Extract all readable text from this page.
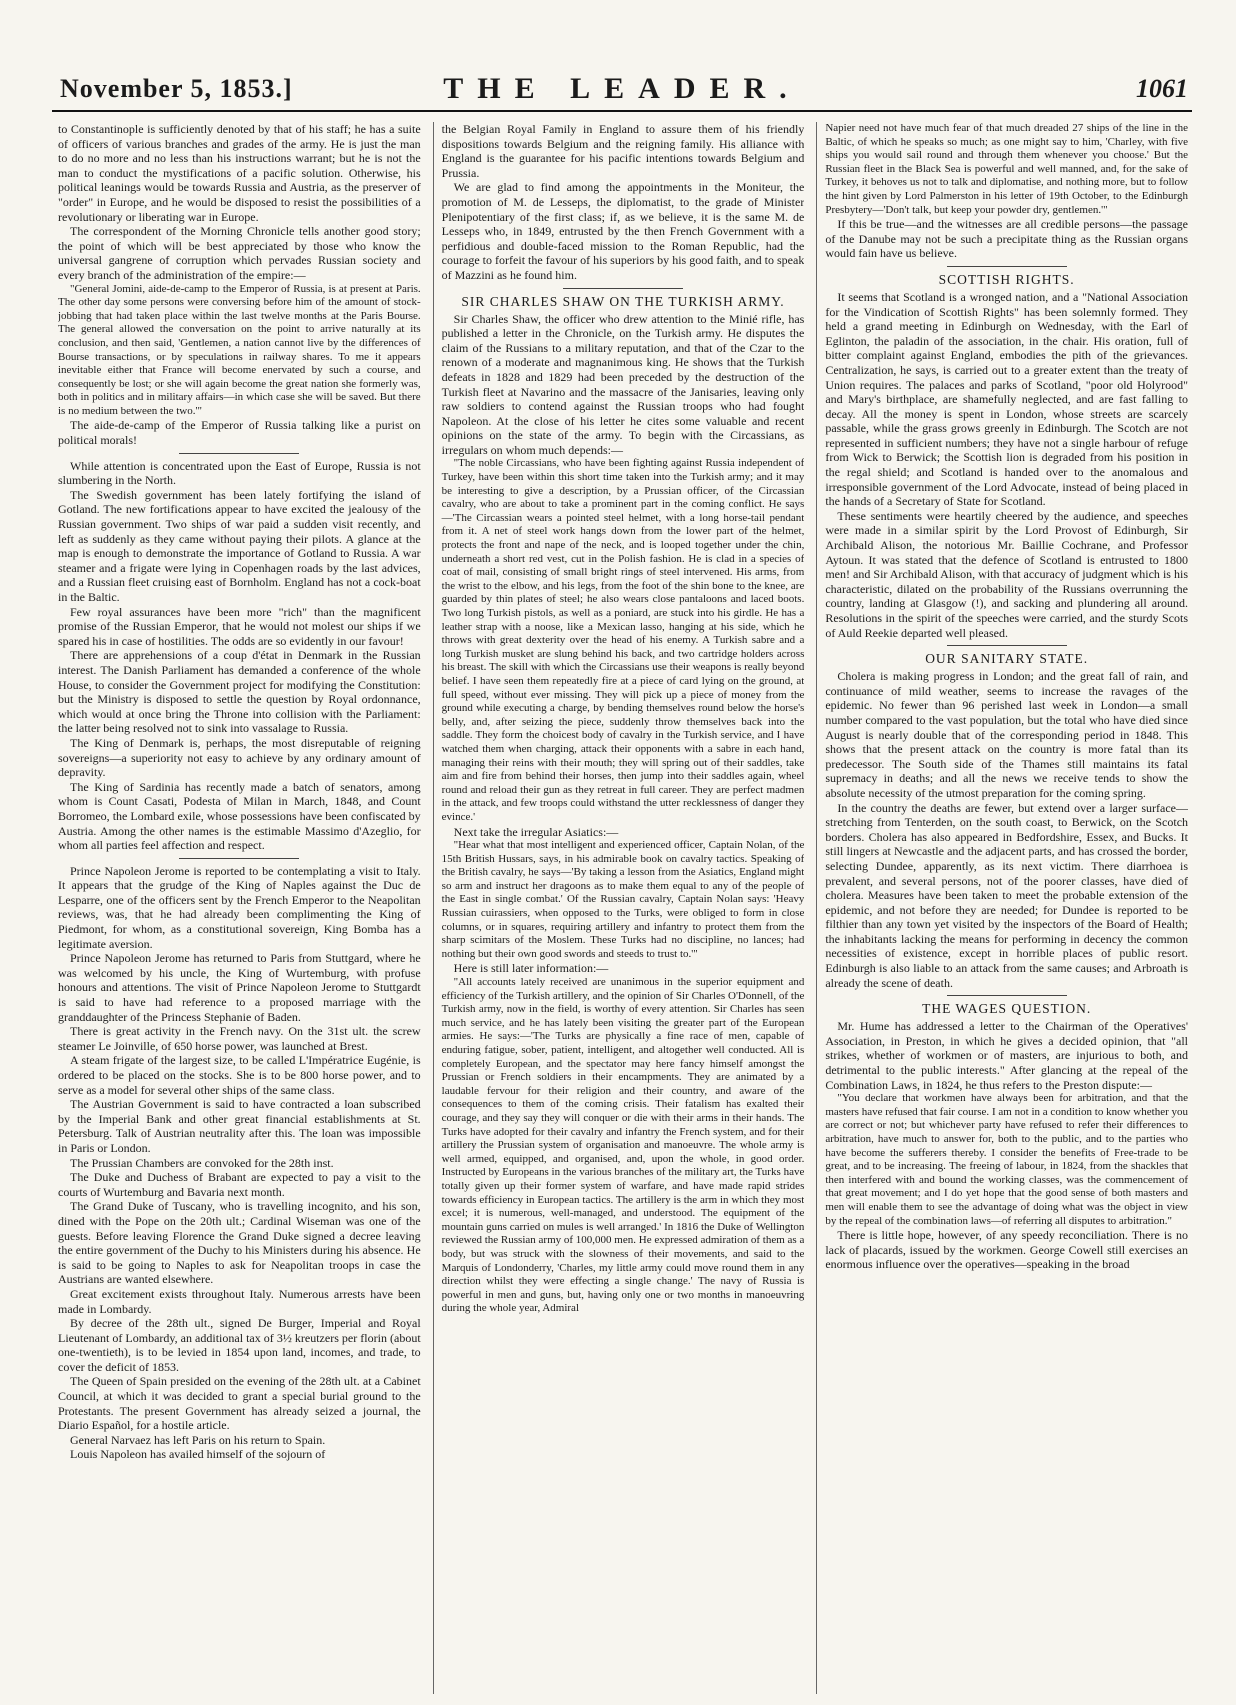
November 5, 1853.]	THE LEADER.	1061

to Constantinople is sufficiently denoted by that of his staff; he has a suite of officers of various branches and grades of the army. He is just the man to do no more and no less than his instructions warrant; but he is not the man to conduct the mystifications of a pacific solution. Otherwise, his political leanings would be towards Russia and Austria, as the preserver of "order" in Europe, and he would be disposed to resist the possibilities of a revolutionary or liberating war in Europe.

The correspondent of the Morning Chronicle tells another good story; the point of which will be best appreciated by those who know the universal gangrene of corruption which pervades Russian society and every branch of the administration of the empire:—

"General Jomini, aide-de-camp to the Emperor of Russia, is at present at Paris. The other day some persons were conversing before him of the amount of stock-jobbing that had taken place within the last twelve months at the Paris Bourse. The general allowed the conversation on the point to arrive naturally at its conclusion, and then said, 'Gentlemen, a nation cannot live by the differences of Bourse transactions, or by speculations in railway shares. To me it appears inevitable either that France will become enervated by such a course, and consequently be lost; or she will again become the great nation she formerly was, both in politics and in military affairs—in which case she will be saved. But there is no medium between the two.'"

The aide-de-camp of the Emperor of Russia talking like a purist on political morals!

While attention is concentrated upon the East of Europe, Russia is not slumbering in the North.

The Swedish government has been lately fortifying the island of Gotland. The new fortifications appear to have excited the jealousy of the Russian government. Two ships of war paid a sudden visit recently, and left as suddenly as they came without paying their pilots. A glance at the map is enough to demonstrate the importance of Gotland to Russia. A war steamer and a frigate were lying in Copenhagen roads by the last advices, and a Russian fleet cruising east of Bornholm. England has not a cock-boat in the Baltic.

Few royal assurances have been more "rich" than the magnificent promise of the Russian Emperor, that he would not molest our ships if we spared his in case of hostilities. The odds are so evidently in our favour!

There are apprehensions of a coup d'état in Denmark in the Russian interest. The Danish Parliament has demanded a conference of the whole House, to consider the Government project for modifying the Constitution: but the Ministry is disposed to settle the question by Royal ordonnance, which would at once bring the Throne into collision with the Parliament: the latter being resolved not to sink into vassalage to Russia.

The King of Denmark is, perhaps, the most disreputable of reigning sovereigns—a superiority not easy to achieve by any ordinary amount of depravity.

The King of Sardinia has recently made a batch of senators, among whom is Count Casati, Podesta of Milan in March, 1848, and Count Borromeo, the Lombard exile, whose possessions have been confiscated by Austria. Among the other names is the estimable Massimo d'Azeglio, for whom all parties feel affection and respect.

Prince Napoleon Jerome is reported to be contemplating a visit to Italy. It appears that the grudge of the King of Naples against the Duc de Lesparre, one of the officers sent by the French Emperor to the Neapolitan reviews, was, that he had already been complimenting the King of Piedmont, for whom, as a constitutional sovereign, King Bomba has a legitimate aversion.

Prince Napoleon Jerome has returned to Paris from Stuttgard, where he was welcomed by his uncle, the King of Wurtemburg, with profuse honours and attentions. The visit of Prince Napoleon Jerome to Stuttgardt is said to have had reference to a proposed marriage with the granddaughter of the Princess Stephanie of Baden.

There is great activity in the French navy. On the 31st ult. the screw steamer Le Joinville, of 650 horse power, was launched at Brest.

A steam frigate of the largest size, to be called L'Impératrice Eugénie, is ordered to be placed on the stocks. She is to be 800 horse power, and to serve as a model for several other ships of the same class.

The Austrian Government is said to have contracted a loan subscribed by the Imperial Bank and other great financial establishments at St. Petersburg. Talk of Austrian neutrality after this. The loan was impossible in Paris or London.

The Prussian Chambers are convoked for the 28th inst.

The Duke and Duchess of Brabant are expected to pay a visit to the courts of Wurtemburg and Bavaria next month.

The Grand Duke of Tuscany, who is travelling incognito, and his son, dined with the Pope on the 20th ult.; Cardinal Wiseman was one of the guests. Before leaving Florence the Grand Duke signed a decree leaving the entire government of the Duchy to his Ministers during his absence. He is said to be going to Naples to ask for Neapolitan troops in case the Austrians are wanted elsewhere.

Great excitement exists throughout Italy. Numerous arrests have been made in Lombardy.

By decree of the 28th ult., signed De Burger, Imperial and Royal Lieutenant of Lombardy, an additional tax of 3½ kreutzers per florin (about one-twentieth), is to be levied in 1854 upon land, incomes, and trade, to cover the deficit of 1853.

The Queen of Spain presided on the evening of the 28th ult. at a Cabinet Council, at which it was decided to grant a special burial ground to the Protestants. The present Government has already seized a journal, the Diario Español, for a hostile article.

General Narvaez has left Paris on his return to Spain.

Louis Napoleon has availed himself of the sojourn of

the Belgian Royal Family in England to assure them of his friendly dispositions towards Belgium and the reigning family. His alliance with England is the guarantee for his pacific intentions towards Belgium and Prussia.

We are glad to find among the appointments in the Moniteur, the promotion of M. de Lesseps, the diplomatist, to the grade of Minister Plenipotentiary of the first class; if, as we believe, it is the same M. de Lesseps who, in 1849, entrusted by the then French Government with a perfidious and double-faced mission to the Roman Republic, had the courage to forfeit the favour of his superiors by his good faith, and to speak of Mazzini as he found him.

SIR CHARLES SHAW ON THE TURKISH ARMY.

Sir Charles Shaw, the officer who drew attention to the Minié rifle, has published a letter in the Chronicle, on the Turkish army. He disputes the claim of the Russians to a military reputation, and that of the Czar to the renown of a moderate and magnanimous king. He shows that the Turkish defeats in 1828 and 1829 had been preceded by the destruction of the Turkish fleet at Navarino and the massacre of the Janisaries, leaving only raw soldiers to contend against the Russian troops who had fought Napoleon. At the close of his letter he cites some valuable and recent opinions on the state of the army. To begin with the Circassians, as irregulars on whom much depends:—

"The noble Circassians, who have been fighting against Russia independent of Turkey, have been within this short time taken into the Turkish army; and it may be interesting to give a description, by a Prussian officer, of the Circassian cavalry, who are about to take a prominent part in the coming conflict. He says—'The Circassian wears a pointed steel helmet, with a long horse-tail pendant from it. A net of steel work hangs down from the lower part of the helmet, protects the front and nape of the neck, and is looped together under the chin, underneath a short red vest, cut in the Polish fashion. He is clad in a species of coat of mail, consisting of small bright rings of steel intervened. His arms, from the wrist to the elbow, and his legs, from the foot of the shin bone to the knee, are guarded by thin plates of steel; he also wears close pantaloons and laced boots. Two long Turkish pistols, as well as a poniard, are stuck into his girdle. He has a leather strap with a noose, like a Mexican lasso, hanging at his side, which he throws with great dexterity over the head of his enemy. A Turkish sabre and a long Turkish musket are slung behind his back, and two cartridge holders across his breast. The skill with which the Circassians use their weapons is really beyond belief. I have seen them repeatedly fire at a piece of card lying on the ground, at full speed, without ever missing. They will pick up a piece of money from the ground while executing a charge, by bending themselves round below the horse's belly, and, after seizing the piece, suddenly throw themselves back into the saddle. They form the choicest body of cavalry in the Turkish service, and I have watched them when charging, attack their opponents with a sabre in each hand, managing their reins with their mouth; they will spring out of their saddles, take aim and fire from behind their horses, then jump into their saddles again, wheel round and reload their gun as they retreat in full career. They are perfect madmen in the attack, and few troops could withstand the utter recklessness of danger they evince.'

Next take the irregular Asiatics:—

"Hear what that most intelligent and experienced officer, Captain Nolan, of the 15th British Hussars, says, in his admirable book on cavalry tactics. Speaking of the British cavalry, he says—'By taking a lesson from the Asiatics, England might so arm and instruct her dragoons as to make them equal to any of the people of the East in single combat.' Of the Russian cavalry, Captain Nolan says: 'Heavy Russian cuirassiers, when opposed to the Turks, were obliged to form in close columns, or in squares, requiring artillery and infantry to protect them from the sharp scimitars of the Moslem. These Turks had no discipline, no lances; had nothing but their own good swords and steeds to trust to.'"

Here is still later information:—

"All accounts lately received are unanimous in the superior equipment and efficiency of the Turkish artillery, and the opinion of Sir Charles O'Donnell, of the Turkish army, now in the field, is worthy of every attention. Sir Charles has seen much service, and he has lately been visiting the greater part of the European armies. He says:—'The Turks are physically a fine race of men, capable of enduring fatigue, sober, patient, intelligent, and altogether well conducted. All is completely European, and the spectator may here fancy himself amongst the Prussian or French soldiers in their encampments. They are animated by a laudable fervour for their religion and their country, and aware of the consequences to them of the coming crisis. Their fatalism has exalted their courage, and they say they will conquer or die with their arms in their hands. The Turks have adopted for their cavalry and infantry the French system, and for their artillery the Prussian system of organisation and manoeuvre. The whole army is well armed, equipped, and organised, and, upon the whole, in good order. Instructed by Europeans in the various branches of the military art, the Turks have totally given up their former system of warfare, and have made rapid strides towards efficiency in European tactics. The artillery is the arm in which they most excel; it is numerous, well-managed, and understood. The equipment of the mountain guns carried on mules is well arranged.' In 1816 the Duke of Wellington reviewed the Russian army of 100,000 men. He expressed admiration of them as a body, but was struck with the slowness of their movements, and said to the Marquis of Londonderry, 'Charles, my little army could move round them in any direction whilst they were effecting a single change.' The navy of Russia is powerful in men and guns, but, having only one or two months in manoeuvring during the whole year, Admiral

Napier need not have much fear of that much dreaded 27 ships of the line in the Baltic, of which he speaks so much; as one might say to him, 'Charley, with five ships you would sail round and through them whenever you choose.' But the Russian fleet in the Black Sea is powerful and well manned, and, for the sake of Turkey, it behoves us not to talk and diplomatise, and nothing more, but to follow the hint given by Lord Palmerston in his letter of 19th October, to the Edinburgh Presbytery—'Don't talk, but keep your powder dry, gentlemen.'"

If this be true—and the witnesses are all credible persons—the passage of the Danube may not be such a precipitate thing as the Russian organs would fain have us believe.

SCOTTISH RIGHTS.

It seems that Scotland is a wronged nation, and a "National Association for the Vindication of Scottish Rights" has been solemnly formed. They held a grand meeting in Edinburgh on Wednesday, with the Earl of Eglinton, the paladin of the association, in the chair. His oration, full of bitter complaint against England, embodies the pith of the grievances. Centralization, he says, is carried out to a greater extent than the treaty of Union requires. The palaces and parks of Scotland, "poor old Holyrood" and Mary's birthplace, are shamefully neglected, and are fast falling to decay. All the money is spent in London, whose streets are scarcely passable, while the grass grows greenly in Edinburgh. The Scotch are not represented in sufficient numbers; they have not a single harbour of refuge from Wick to Berwick; the Scottish lion is degraded from his position in the regal shield; and Scotland is handed over to the anomalous and irresponsible government of the Lord Advocate, instead of being placed in the hands of a Secretary of State for Scotland.

These sentiments were heartily cheered by the audience, and speeches were made in a similar spirit by the Lord Provost of Edinburgh, Sir Archibald Alison, the notorious Mr. Baillie Cochrane, and Professor Aytoun. It was stated that the defence of Scotland is entrusted to 1800 men! and Sir Archibald Alison, with that accuracy of judgment which is his characteristic, dilated on the probability of the Russians overrunning the country, landing at Glasgow (!), and sacking and plundering all around. Resolutions in the spirit of the speeches were carried, and the sturdy Scots of Auld Reekie departed well pleased.

OUR SANITARY STATE.

Cholera is making progress in London; and the great fall of rain, and continuance of mild weather, seems to increase the ravages of the epidemic. No fewer than 96 perished last week in London—a small number compared to the vast population, but the total who have died since August is nearly double that of the corresponding period in 1848. This shows that the present attack on the country is more fatal than its predecessor. The South side of the Thames still maintains its fatal supremacy in deaths; and all the news we receive tends to show the absolute necessity of the utmost preparation for the coming spring.

In the country the deaths are fewer, but extend over a larger surface—stretching from Tenterden, on the south coast, to Berwick, on the Scotch borders. Cholera has also appeared in Bedfordshire, Essex, and Bucks. It still lingers at Newcastle and the adjacent parts, and has crossed the border, selecting Dundee, apparently, as its next victim. There diarrhoea is prevalent, and several persons, not of the poorer classes, have died of cholera. Measures have been taken to meet the probable extension of the epidemic, and not before they are needed; for Dundee is reported to be filthier than any town yet visited by the inspectors of the Board of Health; the inhabitants lacking the means for performing in decency the common necessities of existence, except in horrible places of public resort. Edinburgh is also liable to an attack from the same causes; and Arbroath is already the scene of death.

THE WAGES QUESTION.

Mr. Hume has addressed a letter to the Chairman of the Operatives' Association, in Preston, in which he gives a decided opinion, that "all strikes, whether of workmen or of masters, are injurious to both, and detrimental to the public interests." After glancing at the repeal of the Combination Laws, in 1824, he thus refers to the Preston dispute:—

"You declare that workmen have always been for arbitration, and that the masters have refused that fair course. I am not in a condition to know whether you are correct or not; but whichever party have refused to refer their differences to arbitration, have much to answer for, both to the public, and to the parties who have become the sufferers thereby. I consider the benefits of Free-trade to be great, and to be increasing. The freeing of labour, in 1824, from the shackles that then interfered with and bound the working classes, was the commencement of that great movement; and I do yet hope that the good sense of both masters and men will enable them to see the advantage of doing what was the object in view by the repeal of the combination laws—of referring all disputes to arbitration."

There is little hope, however, of any speedy reconciliation. There is no lack of placards, issued by the workmen. George Cowell still exercises an enormous influence over the operatives—speaking in the broad
